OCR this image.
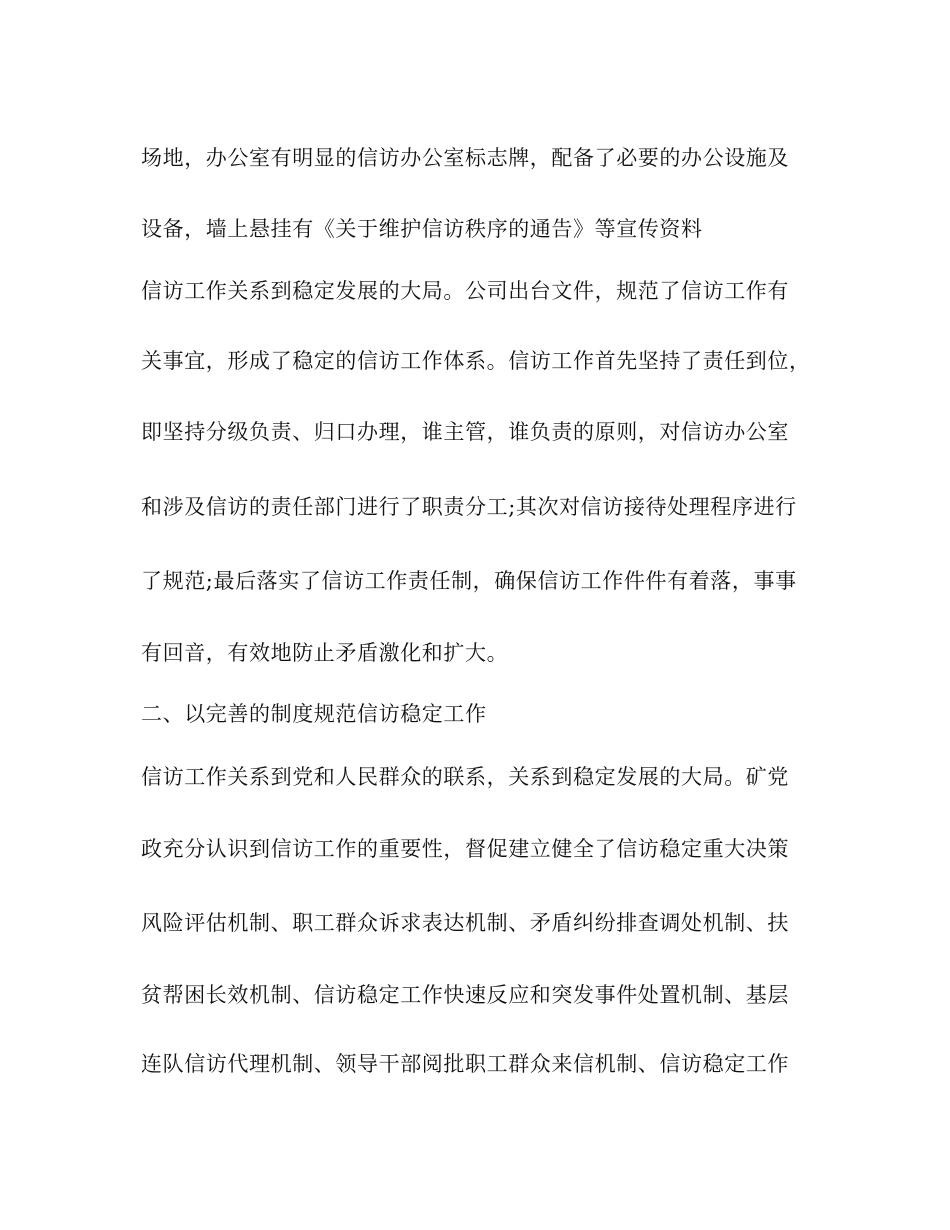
场地，办公室有明显的信访办公室标志牌，配备了必要的办公设施及

设备，墙上悬挂有《关于维护信访秩序的通告》等宣传资料

信访工作关系到稳定发展的大局。公司出台文件，规范了信访工作有

关事宜，形成了稳定的信访工作体系。信访工作首先坚持了责任到位，

即坚持分级负责、归口办理，谁主管，谁负责的原则，对信访办公室

和涉及信访的责任部门进行了职责分工;其次对信访接待处理程序进行

了规范;最后落实了信访工作责任制，确保信访工作件件有着落，事事

有回音，有效地防止矛盾激化和扩大。

二、以完善的制度规范信访稳定工作

信访工作关系到党和人民群众的联系，关系到稳定发展的大局。矿党

政充分认识到信访工作的重要性，督促建立健全了信访稳定重大决策

风险评估机制、职工群众诉求表达机制、矛盾纠纷排查调处机制、扶

贫帮困长效机制、信访稳定工作快速反应和突发事件处置机制、基层

连队信访代理机制、领导干部阅批职工群众来信机制、信访稳定工作
